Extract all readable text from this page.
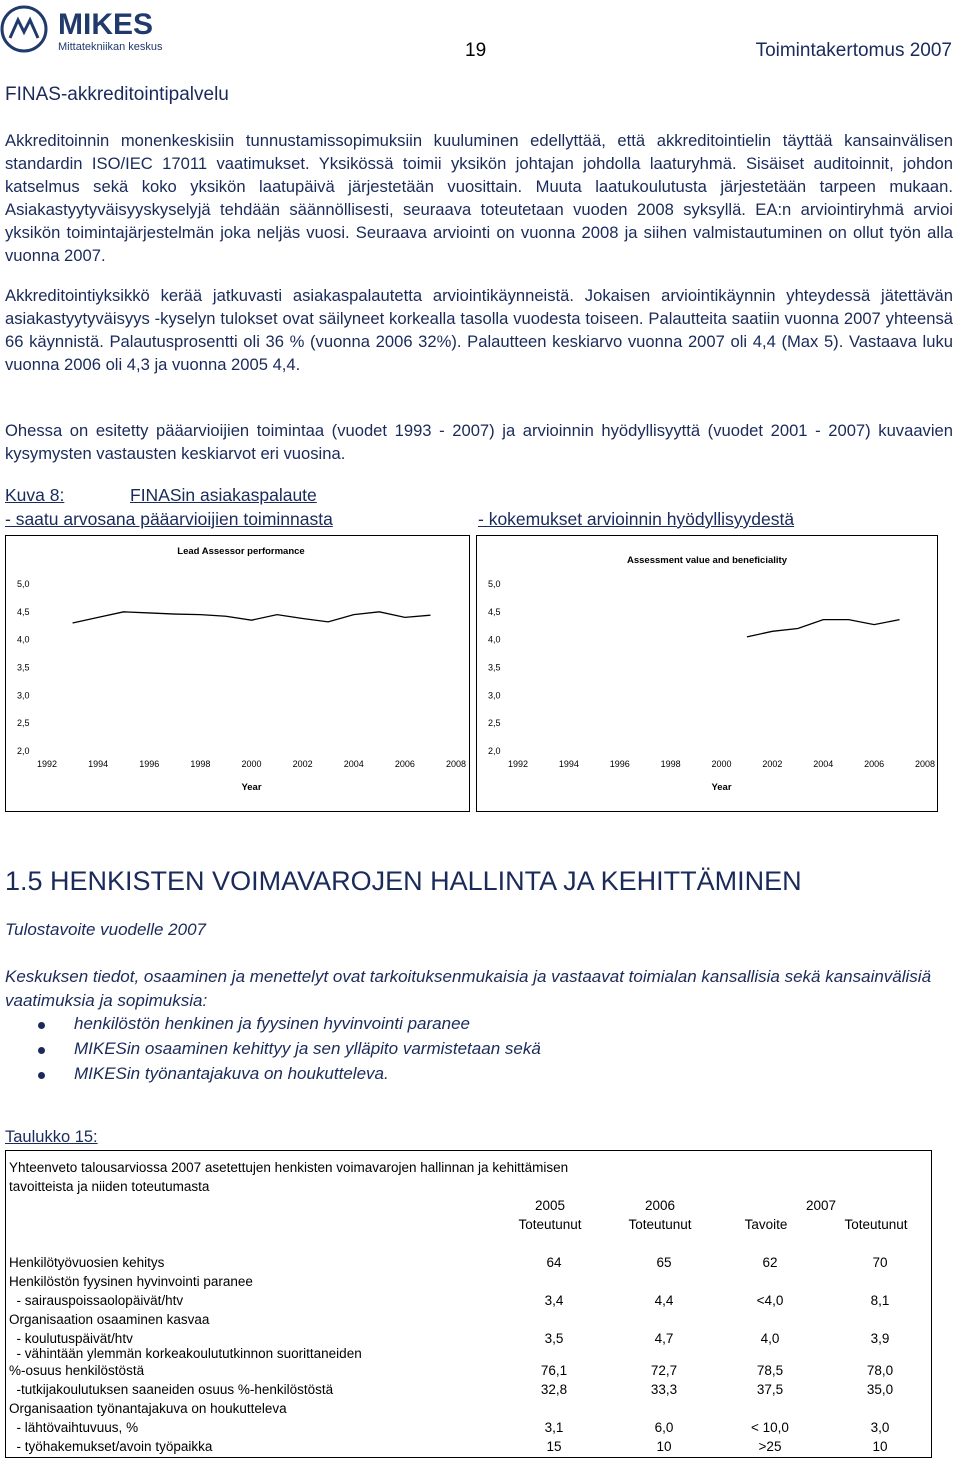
MIKES
Mittatekniikan keskus	19	Toimintakertomus 2007
FINAS-akkreditointipalvelu

Akkreditoinnin monenkeskisiin tunnustamissopimuksiin kuuluminen edellyttää, että akkreditointielin täyttää kansainvälisen standardin ISO/IEC 17011 vaatimukset. Yksikössä toimii yksikön johtajan johdolla laaturyhmä. Sisäiset auditoinnit, johdon katselmus sekä koko yksikön laatupäivä järjestetään vuosittain. Muuta laatukoulutusta järjestetään tarpeen mukaan. Asiakastyytyväisyyskyselyjä tehdään säännöllisesti, seuraava toteutetaan vuoden 2008 syksyllä. EA:n arviointiryhmä arvioi yksikön toimintajärjestelmän joka neljäs vuosi. Seuraava arviointi on vuonna 2008 ja siihen valmistautuminen on ollut työn alla vuonna 2007.

Akkreditointiyksikkö kerää jatkuvasti asiakaspalautetta arviointikäynneistä. Jokaisen arviointikäynnin yhteydessä jätettävän asiakastyytyväisyys -kyselyn tulokset ovat säilyneet korkealla tasolla vuodesta toiseen. Palautteita saatiin vuonna 2007 yhteensä 66 käynnistä. Palautusprosentti oli 36 % (vuonna 2006 32%). Palautteen keskiarvo vuonna 2007 oli 4,4 (Max 5). Vastaava luku vuonna 2006 oli 4,3 ja vuonna 2005 4,4.

Ohessa on esitetty pääarvioijien toimintaa (vuodet 1993 - 2007) ja arvioinnin hyödyllisyyttä (vuodet 2001 - 2007) kuvaavien kysymysten vastausten keskiarvot eri vuosina.

Kuva 8:	FINASin asiakaspalaute
- saatu arvosana pääarvioijien toiminnasta	- kokemukset arvioinnin hyödyllisyydestä
Lead Assessor performance
5,0
4,5
4,0
3,5
3,0
2,5
2,0
1992	1994	1996	1998	2000	2002	2004	2006	2008
Year
Assessment value and beneficiality
5,0
4,5
4,0
3,5
3,0
2,5
2,0
1992	1994	1996	1998	2000	2002	2004	2006	2008
Year
1.5 HENKISTEN VOIMAVAROJEN HALLINTA JA KEHITTÄMINEN
Tulostavoite vuodelle 2007
Keskuksen tiedot, osaaminen ja menettelyt ovat tarkoituksenmukaisia ja vastaavat toimialan kansallisia sekä kansainvälisiä vaatimuksia ja sopimuksia:
henkilöstön henkinen ja fyysinen hyvinvointi paranee
MIKESin osaaminen kehittyy ja sen ylläpito varmistetaan sekä
MIKESin työnantajakuva on houkutteleva.
Taulukko 15:
Yhteenveto talousarviossa 2007 asetettujen henkisten voimavarojen hallinnan ja kehittämisen
tavoitteista ja niiden toteutumasta
2005	2006	2007
Toteutunut	Toteutunut	Tavoite	Toteutunut
Henkilötyövuosien kehitys	64	65	62	70
Henkilöstön fyysinen hyvinvointi paranee
- sairauspoissaolopäivät/htv	3,4	4,4	<4,0	8,1
Organisaation osaaminen kasvaa
- koulutuspäivät/htv	3,5	4,7	4,0	3,9
- vähintään ylemmän korkeakoulututkinnon suorittaneiden
%-osuus henkilöstöstä	76,1	72,7	78,5	78,0
-tutkijakoulutuksen saaneiden osuus %-henkilöstöstä	32,8	33,3	37,5	35,0
Organisaation työnantajakuva on houkutteleva
- lähtövaihtuvuus, %	3,1	6,0	< 10,0	3,0
- työhakemukset/avoin työpaikka	15	10	>25	10
